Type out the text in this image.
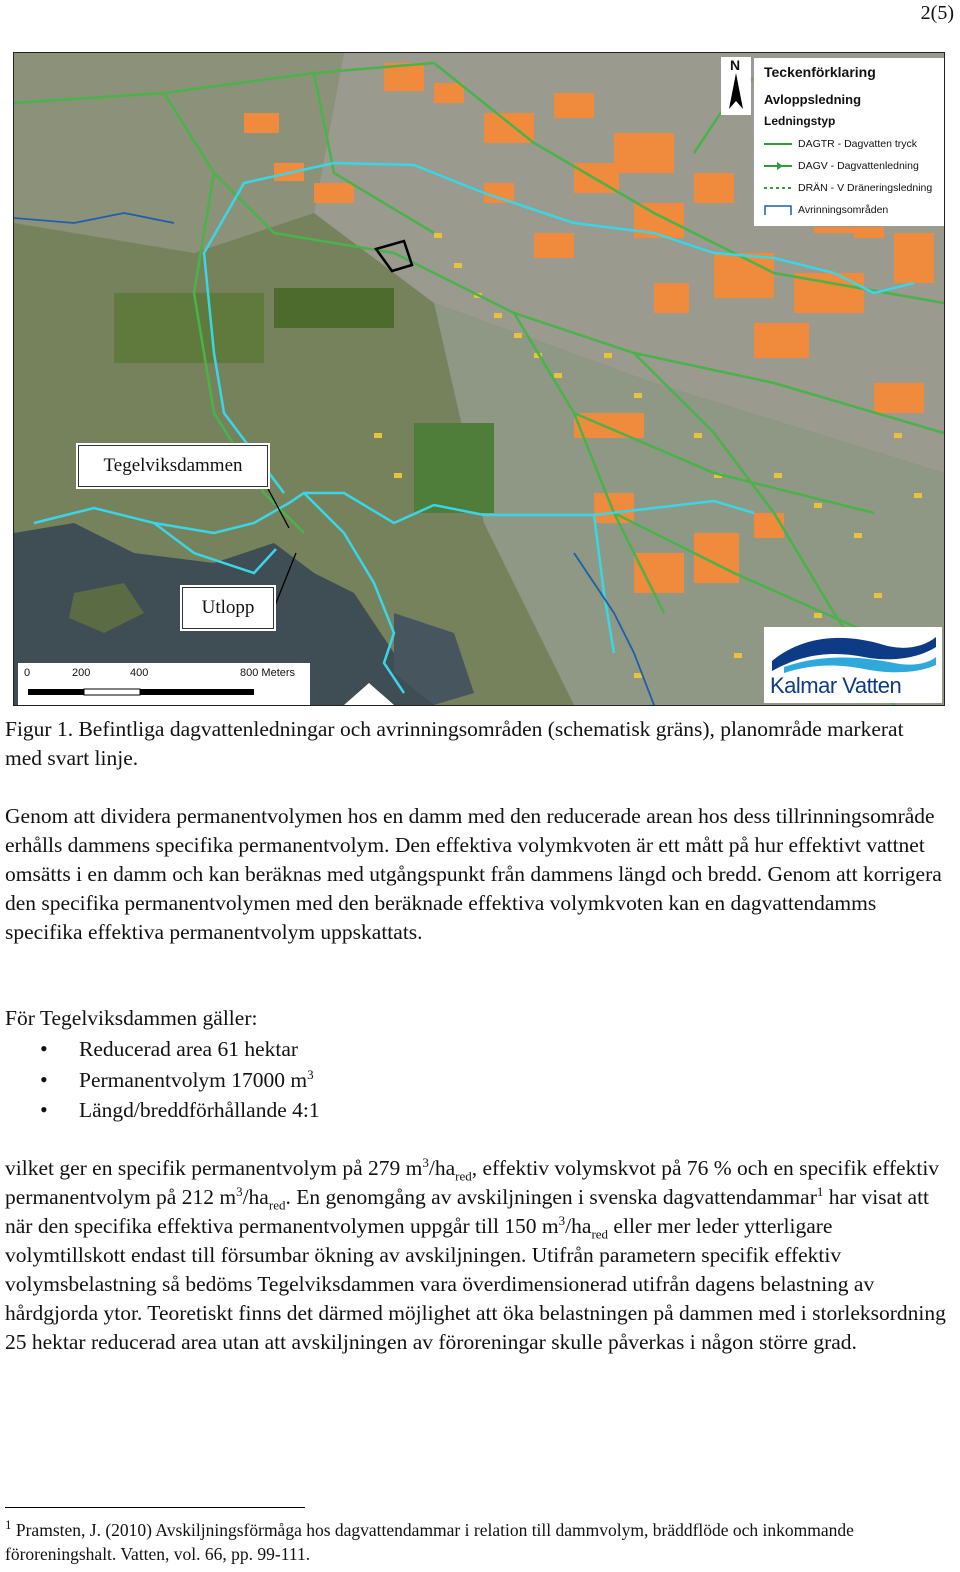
2(5)
N Teckenförklaring
Avloppsledning
Ledningstyp
DAGTR - Dagvatten tryck
DAGV - Dagvattenledning
DRÄN - V Dräneringsledning
Avrinningsområden
Tegelviksdammen
Utlopp
0	200	400	800 Meters	Kalmar Vatten
Figur 1. Befintliga dagvattenledningar och avrinningsområden (schematisk gräns), planområde markerat med svart linje.
Genom att dividera permanentvolymen hos en damm med den reducerade arean hos dess tillrinningsområde erhålls dammens specifika permanentvolym. Den effektiva volymkvoten är ett mått på hur effektivt vattnet omsätts i en damm och kan beräknas med utgångspunkt från dammens längd och bredd. Genom att korrigera den specifika permanentvolymen med den beräknade effektiva volymkvoten kan en dagvattendamms specifika effektiva permanentvolym uppskattats.
För Tegelviksdammen gäller:
• Reducerad area 61 hektar
• Permanentvolym 17000 $m^3$
• Längd/breddförhållande 4:1
vilket ger en specifik permanentvolym på 279 $m^3/ha_{red}$, effektiv volymskvot på 76 % och en specifik effektiv permanentvolym på 212 $m^3/ha_{red}$. En genomgång av avskiljningen i svenska dagvattendammar$^1$ har visat att när den specifika effektiva permanentvolymen uppgår till 150 $m^3/ha_{red}$ eller mer leder ytterligare volymtillskott endast till försumbar ökning av avskiljningen. Utifrån parametern specifik effektiv volymsbelastning så bedöms Tegelviksdammen vara överdimensionerad utifrån dagens belastning av hårdgjorda ytor. Teoretiskt finns det därmed möjlighet att öka belastningen på dammen med i storleksordning 25 hektar reducerad area utan att avskiljningen av föroreningar skulle påverkas i någon större grad.
$^1$ Pramsten, J. (2010) Avskiljningsförmåga hos dagvattendammar i relation till dammvolym, bräddflöde och inkommande föroreningshalt. Vatten, vol. 66, pp. 99-111.
